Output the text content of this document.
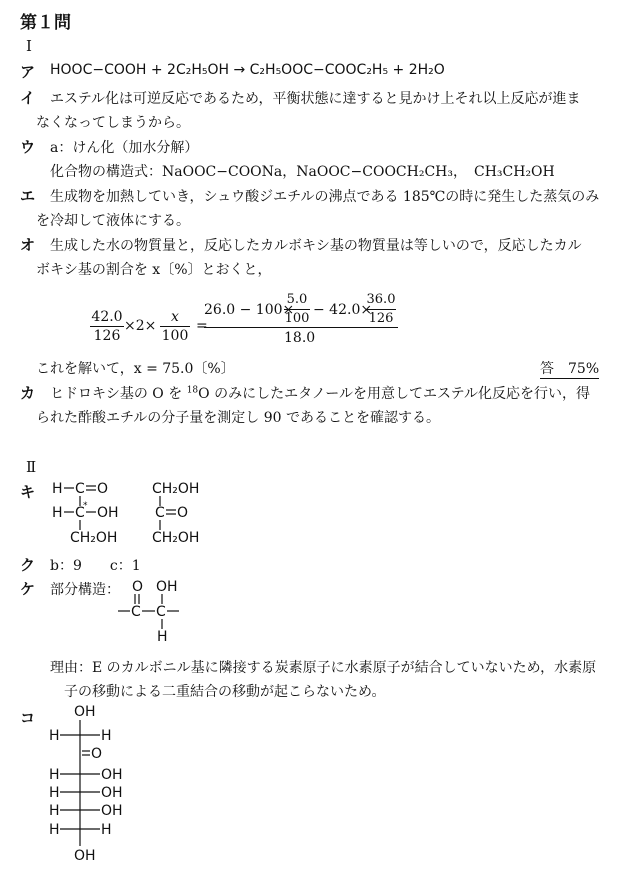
第１問
Ⅰ
ア HOOC−COOH + 2C₂H₅OH → C₂H₅OOC−COOC₂H₅ + 2H₂O
イ エステル化は可逆反応であるため，平衡状態に達すると見かけ上それ以上反応が進ま
なくなってしまうから。
ウ a：けん化（加水分解）
化合物の構造式：NaOOC−COONa，NaOOC−COOCH₂CH₃，　CH₃CH₂OH
エ 生成物を加熱していき，シュウ酸ジエチルの沸点である 185℃の時に発生した蒸気のみ
を冷却して液体にする。
オ 生成した水の物質量と，反応したカルボキシ基の物質量は等しいので，反応したカル
ボキシ基の割合を x〔%〕とおくと，
42.0
126
×2×
x
100
=
26.0 − 100×
5.0
100
− 42.0×
36.0
126
18.0
これを解いて，x = 75.0〔%〕	答　75%
カ ヒドロキシ基の O を $^{18}$O のみにしたエタノールを用意してエステル化反応を行い，得
られた酢酸エチルの分子量を測定し 90 であることを確認する。
Ⅱ
キ H C O
H C
* OH
CH₂OH
CH₂OH
C O
CH₂OH
ク b：9　　c：1
ケ 部分構造： O OH
C C
H
理由：E のカルボニル基に隣接する炭素原子に水素原子が結合していないため，水素原
子の移動による二重結合の移動が起こらないため。
コ	OH
H	H
O
H	OH
H	OH
H	OH
H	H
OH
